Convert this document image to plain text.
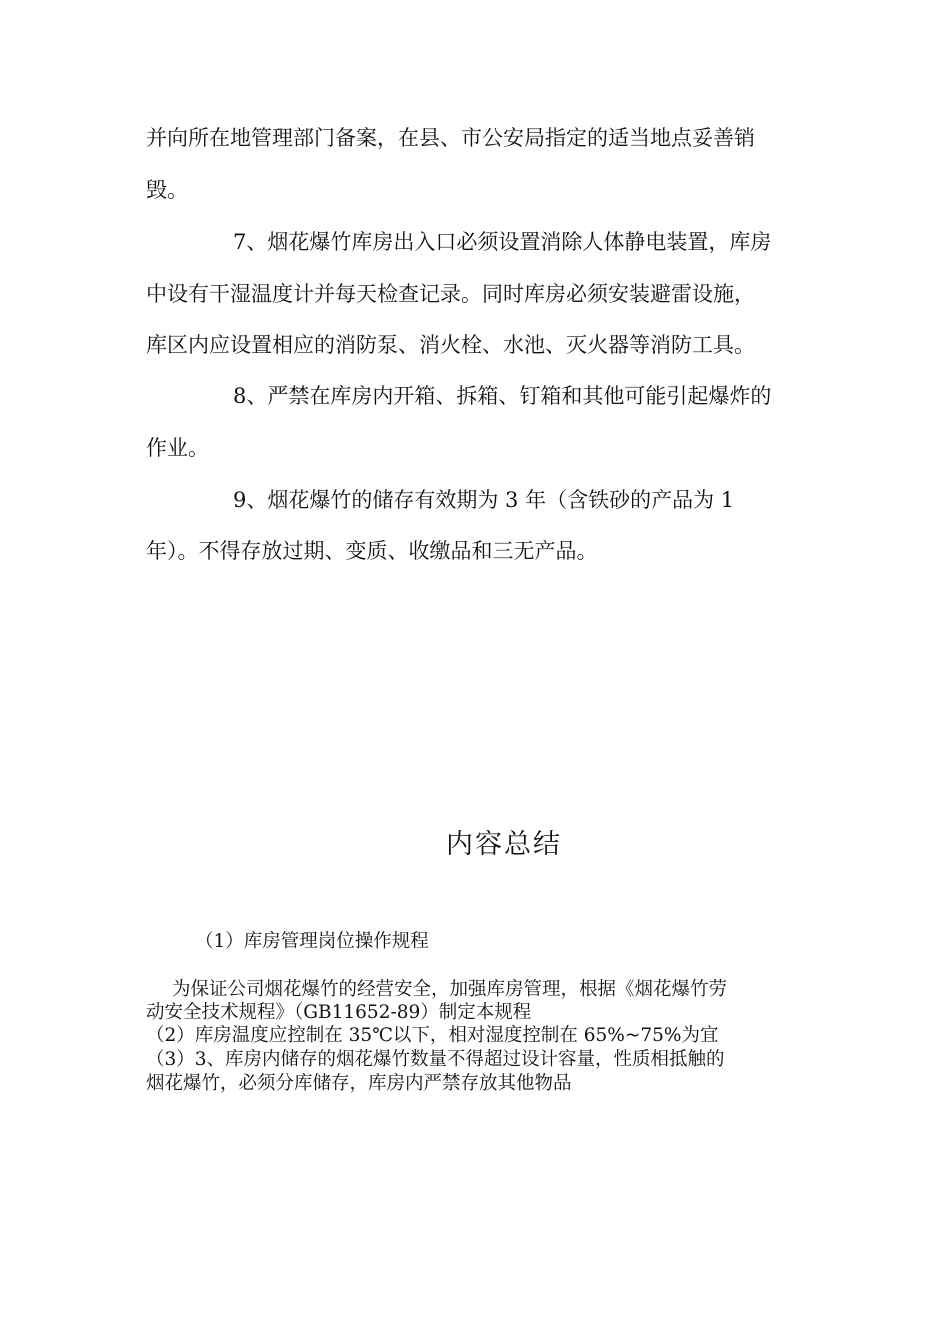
并向所在地管理部门备案，在县、市公安局指定的适当地点妥善销
毁。
7、烟花爆竹库房出入口必须设置消除人体静电装置，库房
中设有干湿温度计并每天检查记录。同时库房必须安装避雷设施，
库区内应设置相应的消防泵、消火栓、水池、灭火器等消防工具。
8、严禁在库房内开箱、拆箱、钉箱和其他可能引起爆炸的
作业。
9、烟花爆竹的储存有效期为 3 年（含铁砂的产品为 1
年）。不得存放过期、变质、收缴品和三无产品。
内容总结
（1）库房管理岗位操作规程
为保证公司烟花爆竹的经营安全，加强库房管理，根据《烟花爆竹劳
动安全技术规程》（GB11652-89）制定本规程
（2）库房温度应控制在 35℃以下，相对湿度控制在 65%~75%为宜
（3）3、库房内储存的烟花爆竹数量不得超过设计容量，性质相抵触的
烟花爆竹，必须分库储存，库房内严禁存放其他物品
